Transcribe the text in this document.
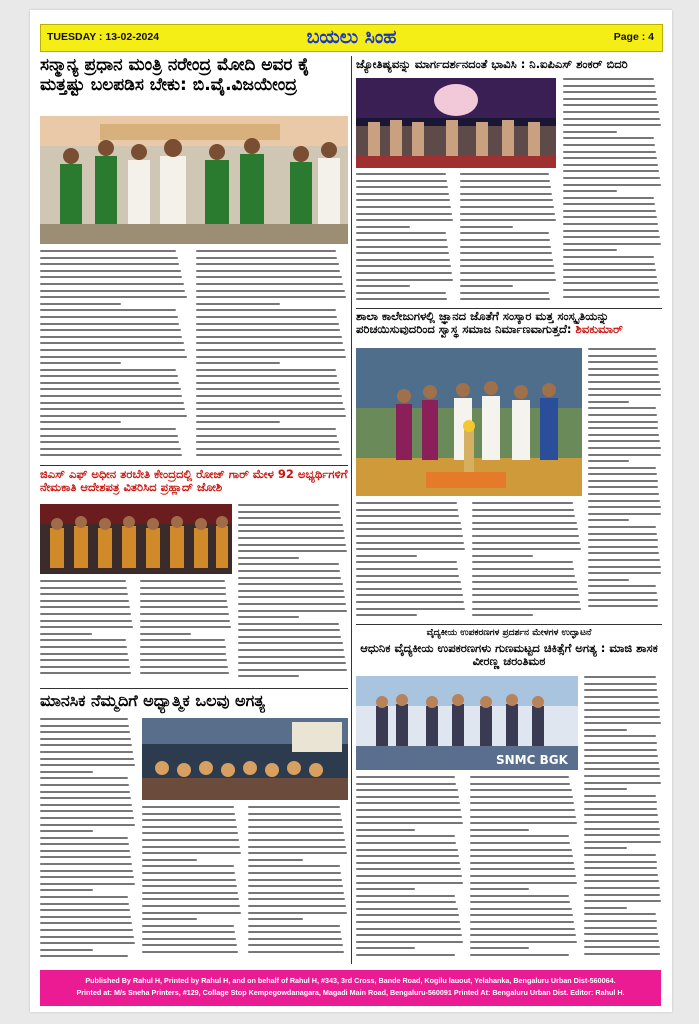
TUESDAY : 13-02-2024	ಬಯಲು ಸಿಂಹ	Page : 4
ಸನ್ಮಾನ್ಯ ಪ್ರಧಾನ ಮಂತ್ರಿ ನರೇಂದ್ರ ಮೋದಿ ಅವರ ಕೈ ಮತ್ತಷ್ಟು ಬಲಪಡಿಸ ಬೇಕು: ಬಿ.ವೈ.ವಿಜಯೇಂದ್ರ
ಜ್ಯೋತಿಷ್ಯವನ್ನು ಮಾರ್ಗದರ್ಶನದಂತೆ ಭಾವಿಸಿ : ನಿ.ಐಪಿಎಸ್ ಶಂಕರ್ ಬಿದರಿ
ಶಾಲಾ ಕಾಲೇಜುಗಳಲ್ಲಿ ಜ್ಞಾನದ ಜೊತೆಗೆ ಸಂಸ್ಕಾರ ಮತ್ತ ಸಂಸ್ಕೃತಿಯನ್ನು ಪರಿಚಯಿಸುವುದರಿಂದ ಸ್ವಾಸ್ಥ ಸಮಾಜ ನಿರ್ಮಾಣವಾಗುತ್ತದೆ: ಶಿವಕುಮಾರ್
ಜಿಎಸ್ ಎಫ್ ಅಧೀನ ತರಬೇತಿ ಕೇಂದ್ರದಲ್ಲಿ ರೋಜ್ ಗಾರ್ ಮೇಳ 92 ಅಭ್ಯರ್ಥಿಗಳಿಗೆ ನೇಮಕಾತಿ ಆದೇಶಪತ್ರ ವಿತರಿಸಿದ ಪ್ರಹ್ಲಾದ್ ಜೋಶಿ
ವೈದ್ಯಕೀಯ ಉಪಕರಣಗಳ ಪ್ರದರ್ಶನ ಮೇಳಗಳ ಉದ್ಘಾಟನೆ
ಆಧುನಿಕ ವೈದ್ಯಕೀಯ ಉಪಕರಣಗಳು ಗುಣಮಟ್ಟದ ಚಿಕಿತ್ಸೆಗೆ ಅಗತ್ಯ : ಮಾಜಿ ಶಾಸಕ ವೀರಣ್ಣ ಚರಂತಿಮಠ
SNMC BGK
ಮಾನಸಿಕ ನೆಮ್ಮದಿಗೆ ಅಧ್ಯಾತ್ಮಿಕ ಒಲವು ಅಗತ್ಯ
Published By Rahul H, Printed by Rahul H, and on behalf of Rahul H, #343, 3rd Cross, Bande Road, Kogilu lauout, Yelahanka, Bengaluru Urban Dist-560064.
Printed at: M/s Sneha Printers, #129, Collage Stop Kempegowdanagara, Magadi Main Road, Bengaluru-560091 Printed At: Bengaluru Urban Dist. Editor: Rahul H.
